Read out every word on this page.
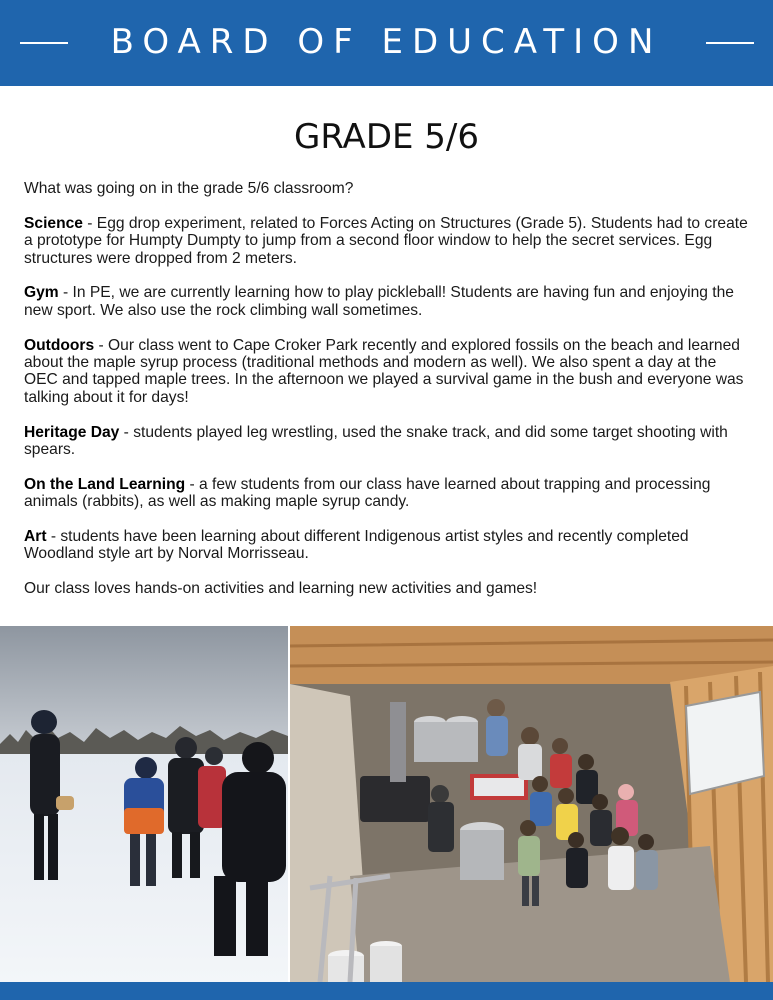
BOARD OF EDUCATION
GRADE 5/6

What was going on in the grade 5/6 classroom?

Science - Egg drop experiment, related to Forces Acting on Structures (Grade 5). Students had to create a prototype for Humpty Dumpty to jump from a second floor window to help the secret services. Egg structures were dropped from 2 meters.

Gym - In PE, we are currently learning how to play pickleball! Students are having fun and enjoying the new sport. We also use the rock climbing wall sometimes.

Outdoors - Our class went to Cape Croker Park recently and explored fossils on the beach and learned about the maple syrup process (traditional methods and modern as well). We also spent a day at the OEC and tapped maple trees. In the afternoon we played a survival game in the bush and everyone was talking about it for days!

Heritage Day - students played leg wrestling, used the snake track, and did some target shooting with spears.

On the Land Learning - a few students from our class have learned about trapping and processing animals (rabbits), as well as making maple syrup candy.

Art - students have been learning about different Indigenous artist styles and recently completed Woodland style art by Norval Morrisseau.

Our class loves hands-on activities and learning new activities and games!
